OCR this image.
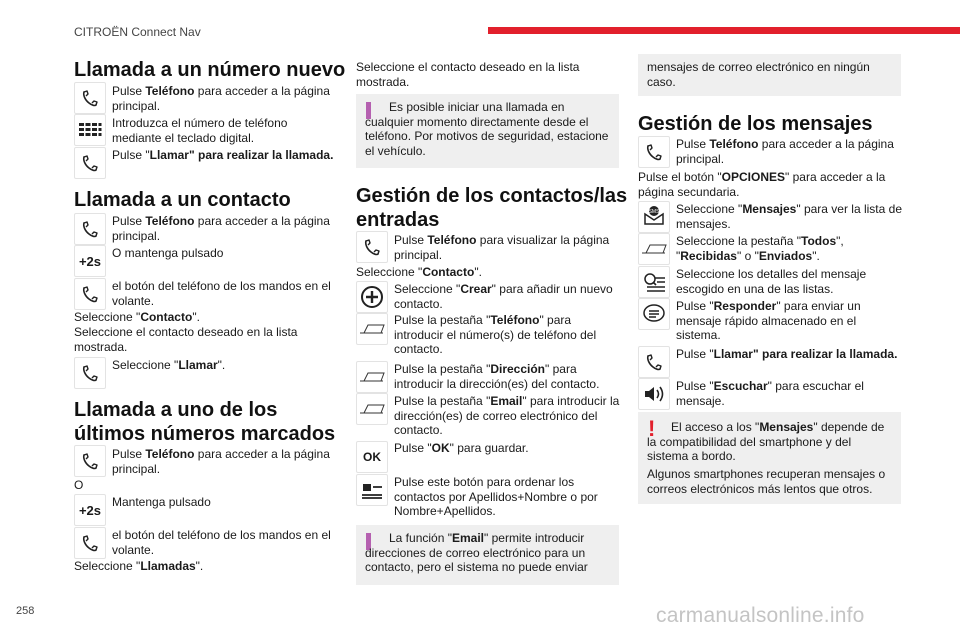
CITROËN Connect Nav
258	carmanualsonline.info
Llamada a un número nuevo
Pulse Teléfono para acceder a la página principal.
Introduzca el número de teléfono mediante el teclado digital.
Pulse "Llamar" para realizar la llamada.
Llamada a un contacto
Pulse Teléfono para acceder a la página principal.
+2s
O mantenga pulsado
el botón del teléfono de los mandos en el volante.
Seleccione "Contacto".
Seleccione el contacto deseado en la lista mostrada.
Seleccione "Llamar".
Llamada a uno de los
últimos números marcados
Pulse Teléfono para acceder a la página principal.
O
+2s
Mantenga pulsado
el botón del teléfono de los mandos en el volante.
Seleccione "Llamadas".
Seleccione el contacto deseado en la lista mostrada.
Es posible iniciar una llamada en cualquier momento directamente desde el teléfono. Por motivos de seguridad, estacione el vehículo.
Gestión de los contactos/las
entradas
Pulse Teléfono para visualizar la página principal.
Seleccione "Contacto".
Seleccione "Crear" para añadir un nuevo contacto.
Pulse la pestaña "Teléfono" para introducir el número(s) de teléfono del contacto.
Pulse la pestaña "Dirección" para introducir la dirección(es) del contacto.
Pulse la pestaña "Email" para introducir la dirección(es) de correo electrónico del contacto.
OK
Pulse "OK" para guardar.
Pulse este botón para ordenar los contactos por Apellidos+Nombre o por Nombre+Apellidos.
La función "Email" permite introducir direcciones de correo electrónico para un contacto, pero el sistema no puede enviar
mensajes de correo electrónico en ningún caso.
Gestión de los mensajes
Pulse Teléfono para acceder a la página principal.
Pulse el botón "OPCIONES" para acceder a la página secundaria.
Seleccione "Mensajes" para ver la lista de mensajes.
Seleccione la pestaña "Todos", "Recibidas" o "Enviados".
Seleccione los detalles del mensaje escogido en una de las listas.
Pulse "Responder" para enviar un mensaje rápido almacenado en el sistema.
Pulse "Llamar" para realizar la llamada.
Pulse "Escuchar" para escuchar el mensaje.
!	El acceso a los "Mensajes" depende de la compatibilidad del smartphone y del sistema a bordo.
Algunos smartphones recuperan mensajes o correos electrónicos más lentos que otros.
